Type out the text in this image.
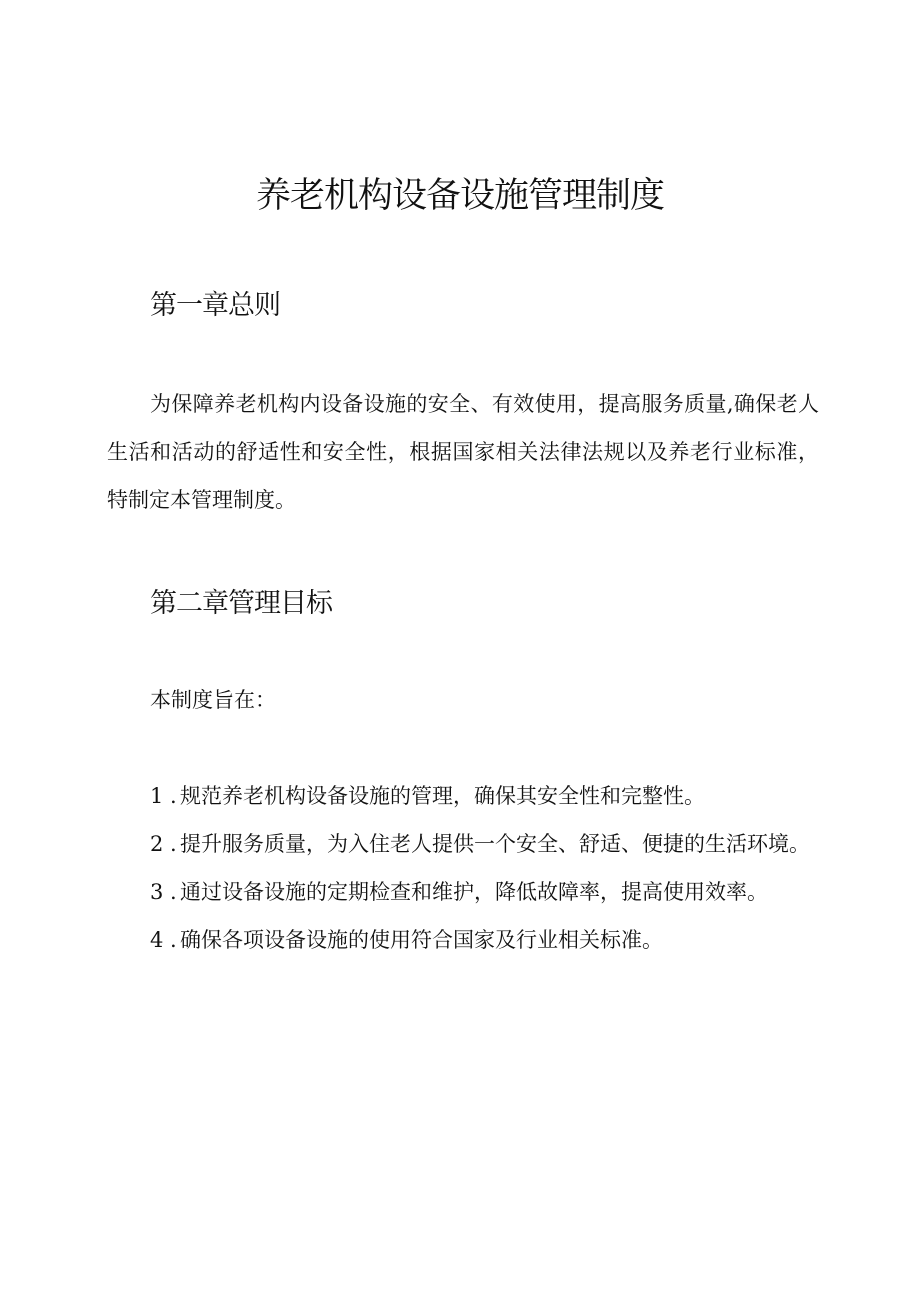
养老机构设备设施管理制度
第一章总则

为保障养老机构内设备设施的安全、有效使用，提高服务质量,确保老人生活和活动的舒适性和安全性，根据国家相关法律法规以及养老行业标准，特制定本管理制度。

第二章管理目标

本制度旨在：

1 . 规范养老机构设备设施的管理，确保其安全性和完整性。
2 . 提升服务质量，为入住老人提供一个安全、舒适、便捷的生活环境。
3 . 通过设备设施的定期检查和维护，降低故障率，提高使用效率。
4 . 确保各项设备设施的使用符合国家及行业相关标准。
